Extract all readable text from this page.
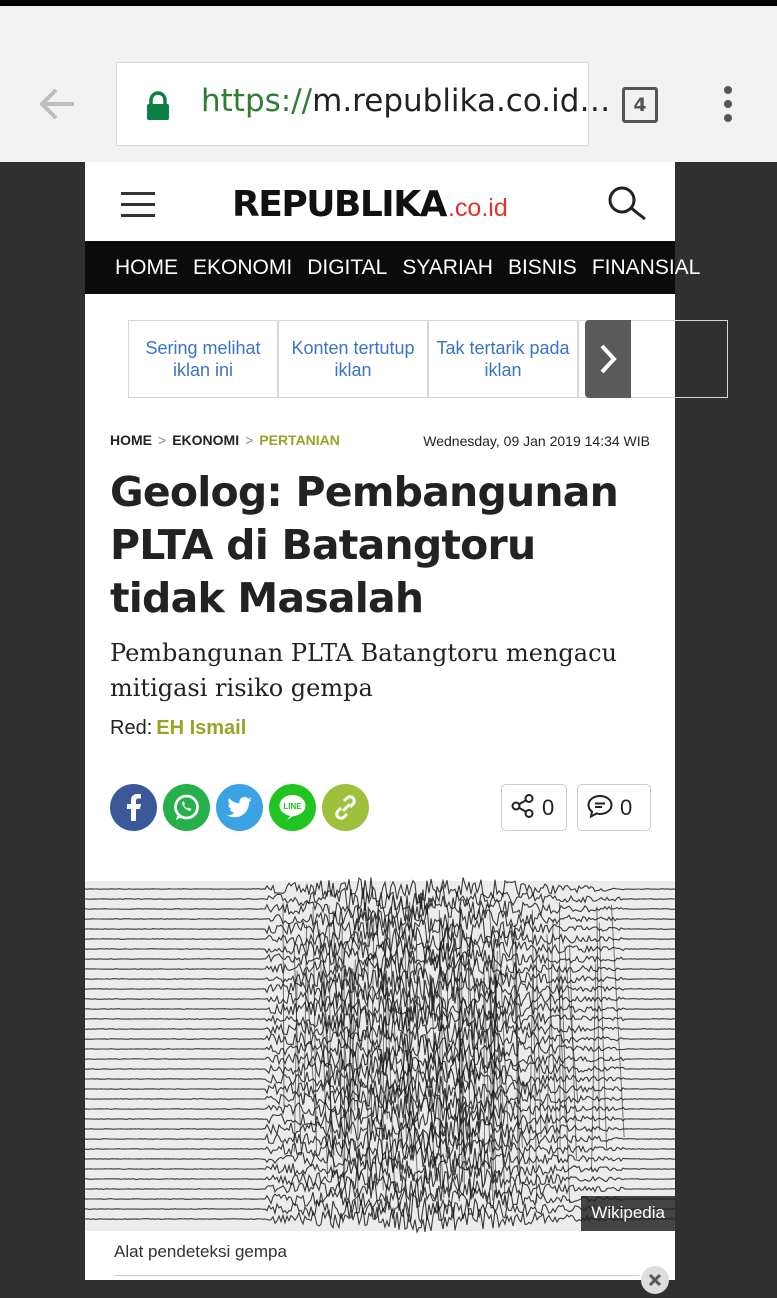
https://m.republika.co.id…	4
REPUBLIKA.co.id
HOME EKONOMI DIGITAL SYARIAH BISNIS FINANSIAL
Sering melihat iklan ini
Konten tertutup iklan
Tak tertarik pada iklan
HOME > EKONOMI > PERTANIAN	Wednesday, 09 Jan 2019 14:34 WIB
Geolog: Pembangunan PLTA di Batangtoru tidak Masalah

Pembangunan PLTA Batangtoru mengacu mitigasi risiko gempa

Red: EH Ismail
LINE	0	0
Wikipedia
Alat pendeteksi gempa
